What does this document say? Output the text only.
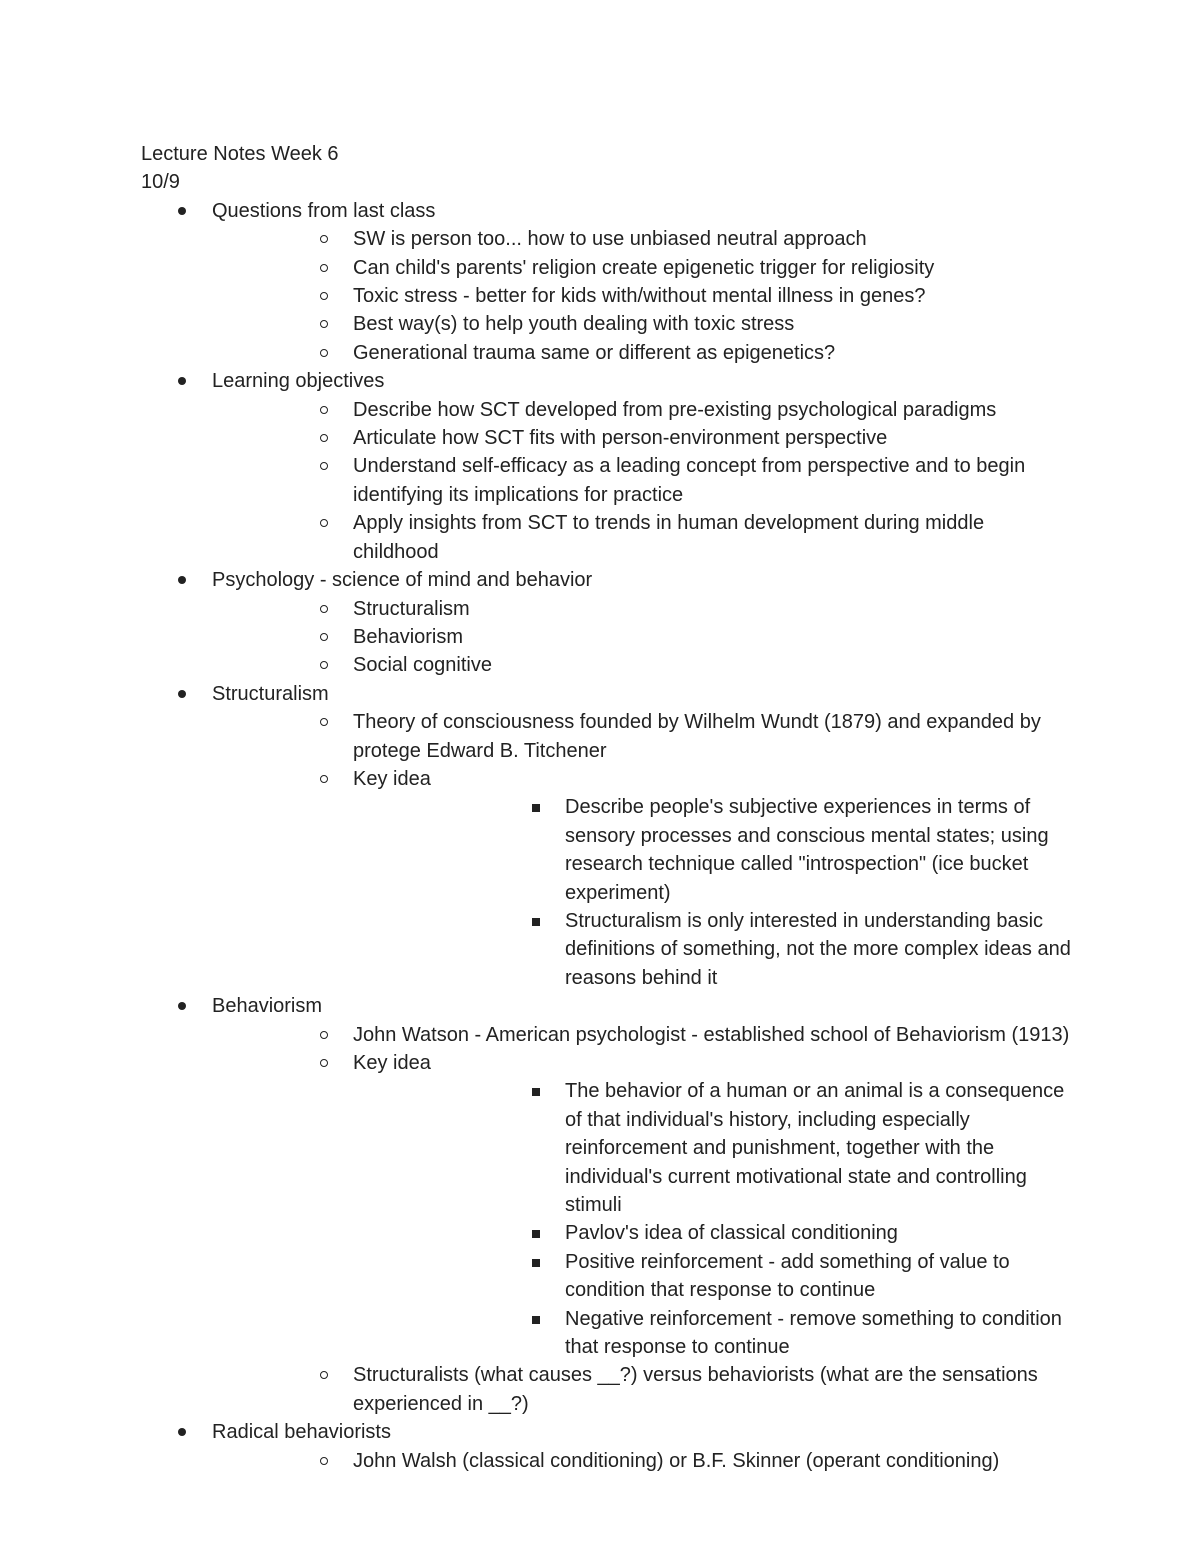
Lecture Notes Week 6

10/9

Questions from last class
SW is person too... how to use unbiased neutral approach
Can child's parents' religion create epigenetic trigger for religiosity
Toxic stress - better for kids with/without mental illness in genes?
Best way(s) to help youth dealing with toxic stress
Generational trauma same or different as epigenetics?
Learning objectives
Describe how SCT developed from pre-existing psychological paradigms
Articulate how SCT fits with person-environment perspective
Understand self-efficacy as a leading concept from perspective and to begin identifying its implications for practice
Apply insights from SCT to trends in human development during middle childhood
Psychology - science of mind and behavior
Structuralism
Behaviorism
Social cognitive
Structuralism
Theory of consciousness founded by Wilhelm Wundt (1879) and expanded by protege Edward B. Titchener
Key idea
Describe people's subjective experiences in terms of sensory processes and conscious mental states; using research technique called "introspection" (ice bucket experiment)
Structuralism is only interested in understanding basic definitions of something, not the more complex ideas and reasons behind it
Behaviorism
John Watson - American psychologist - established school of Behaviorism (1913)
Key idea
The behavior of a human or an animal is a consequence of that individual's history, including especially reinforcement and punishment, together with the individual's current motivational state and controlling stimuli
Pavlov's idea of classical conditioning
Positive reinforcement - add something of value to condition that response to continue
Negative reinforcement - remove something to condition that response to continue
Structuralists (what causes __?) versus behaviorists (what are the sensations experienced in __?)
Radical behaviorists
John Walsh (classical conditioning) or B.F. Skinner (operant conditioning)
